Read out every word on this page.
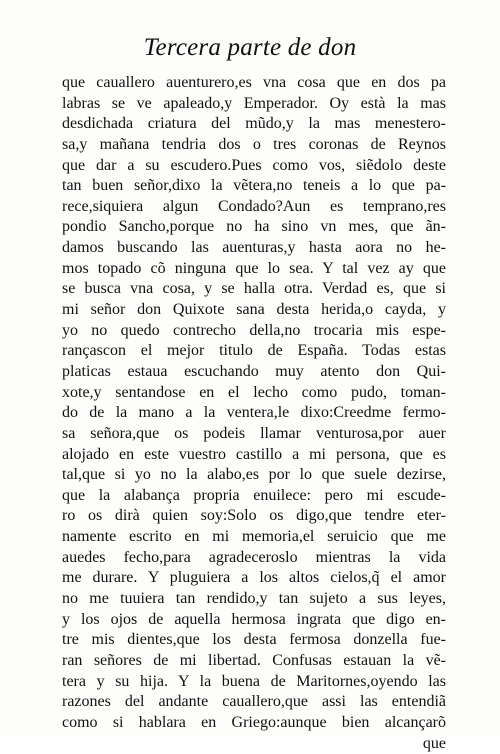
Tercera parte de don
que cauallero auenturero,es vna cosa que en dos pa
labras se ve apaleado,y Emperador. Oy està la mas
desdichada criatura del mũdo,y la mas menestero-
sa,y mañana tendria dos o tres coronas de Reynos
que dar a su escudero.Pues como vos, siẽdolo deste
tan buen señor,dixo la vẽtera,no teneis a lo que pa-
rece,siquiera algun Condado?Aun es temprano,res
pondio Sancho,porque no ha sino vn mes, que ãn-
damos buscando las auenturas,y hasta aora no he-
mos topado cõ ninguna que lo sea. Y tal vez ay que
se busca vna cosa, y se halla otra. Verdad es, que si
mi señor don Quixote sana desta herida,o cayda, y
yo no quedo contrecho della,no trocaria mis espe-
rançascon el mejor titulo de España. Todas estas
platicas estaua escuchando muy atento don Qui-
xote,y sentandose en el lecho como pudo, toman-
do de la mano a la ventera,le dixo:Creedme fermo-
sa señora,que os podeis llamar venturosa,por auer
alojado en este vuestro castillo a mi persona, que es
tal,que si yo no la alabo,es por lo que suele dezirse,
que la alabança propria enuilece: pero mi escude-
ro os dirà quien soy:Solo os digo,que tendre eter-
namente escrito en mi memoria,el seruicio que me
auedes fecho,para agradeceroslo mientras la vida
me durare. Y pluguiera a los altos cielos,q̃ el amor
no me tuuiera tan rendido,y tan sujeto a sus leyes,
y los ojos de aquella hermosa ingrata que digo en-
tre mis dientes,que los desta fermosa donzella fue-
ran señores de mi libertad. Confusas estauan la vẽ-
tera y su hija. Y la buena de Maritornes,oyendo las
razones del andante cauallero,que assi las entendiã
como si hablara en Griego:aunque bien alcançarõ
que
